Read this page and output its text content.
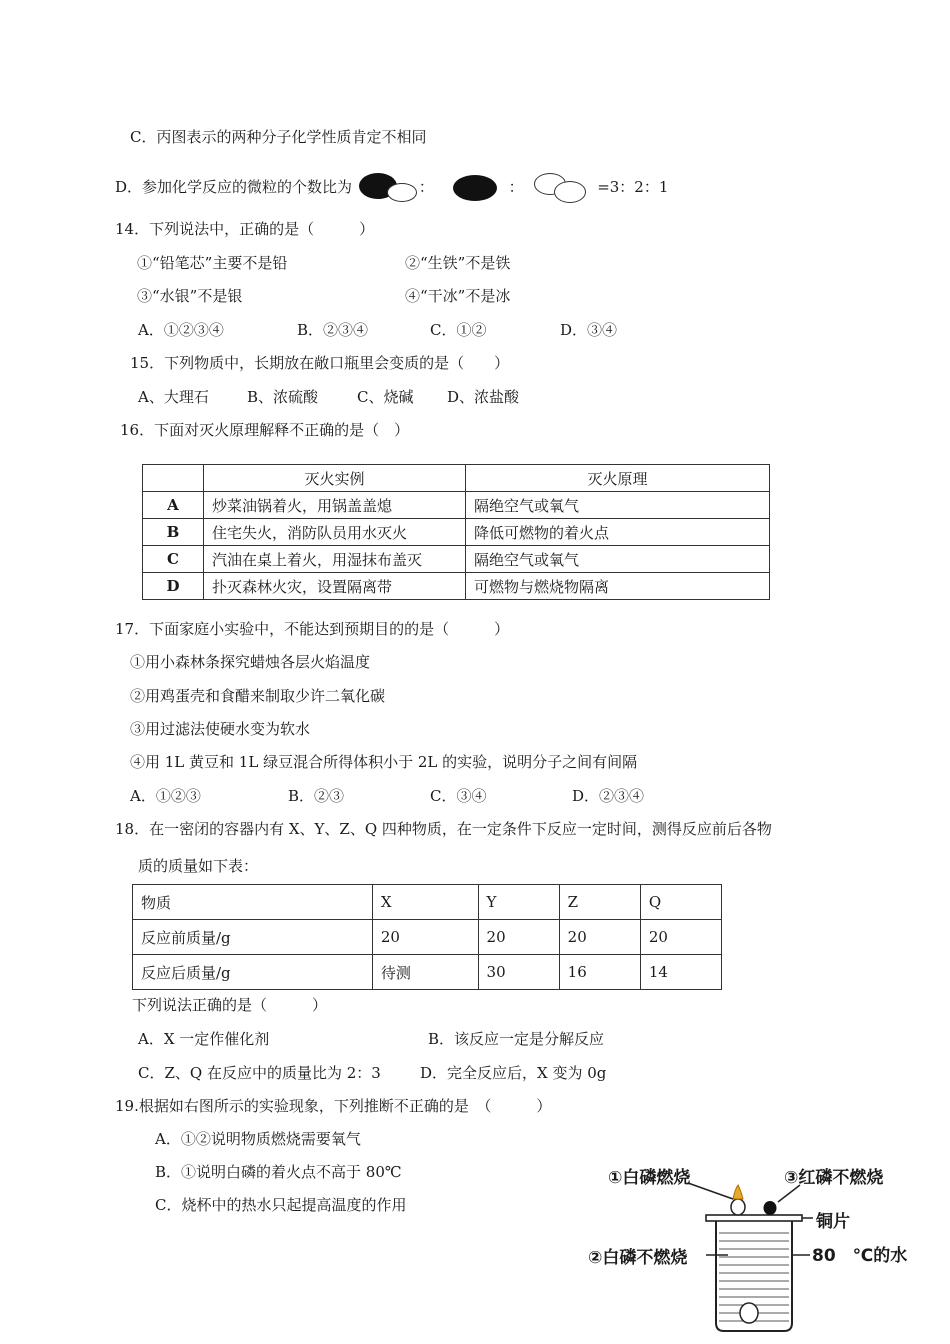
C．丙图表示的两种分子化学性质肯定不相同
D．参加化学反应的微粒的个数比为	：	：	=3：2：1
14．下列说法中，正确的是（　　　）
①“铅笔芯”主要不是铅	②“生铁”不是铁
③“水银”不是银	④“干冰”不是冰
A．①②③④	B．②③④	C．①②	D．③④
15．下列物质中，长期放在敞口瓶里会变质的是（　　）
A、大理石	B、浓硫酸	C、烧碱 D、浓盐酸
16．下面对灭火原理解释不正确的是（　）
	灭火实例	灭火原理
A	炒菜油锅着火，用锅盖盖熄	隔绝空气或氧气
B	住宅失火，消防队员用水灭火	降低可燃物的着火点
C	汽油在桌上着火，用湿抹布盖灭	隔绝空气或氧气
D	扑灭森林火灾，设置隔离带	可燃物与燃烧物隔离
17．下面家庭小实验中，不能达到预期目的的是（　　　）
①用小森林条探究蜡烛各层火焰温度
②用鸡蛋壳和食醋来制取少许二氧化碳
③用过滤法使硬水变为软水
④用 1L 黄豆和 1L 绿豆混合所得体积小于 2L 的实验，说明分子之间有间隔
A．①②③	B．②③	C．③④	D．②③④
18．在一密闭的容器内有 X、Y、Z、Q 四种物质，在一定条件下反应一定时间，测得反应前后各物
质的质量如下表：
物质	X	Y	Z	Q
反应前质量/g	20	20	20	20
反应后质量/g	待测	30	16	14
下列说法正确的是（　　　）
A．X 一定作催化剂	B．该反应一定是分解反应
C．Z、Q 在反应中的质量比为 2：3	D．完全反应后，X 变为 0g
19.根据如右图所示的实验现象，下列推断不正确的是　（　　　）
A．①②说明物质燃烧需要氧气
B．①说明白磷的着火点不高于 80℃
C．烧杯中的热水只起提高温度的作用
①白磷燃烧	③红磷不燃烧
铜片
②白磷不燃烧	80　℃的水
